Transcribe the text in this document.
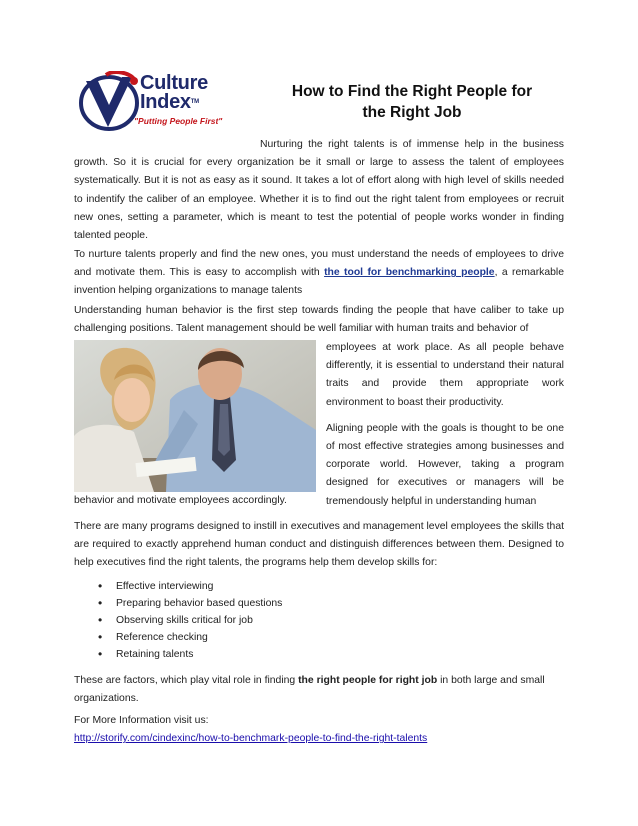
Culture
Index™
"Putting People First"
How to Find the Right People for
the Right Job

Nurturing the right talents is of immense help in the business growth. So it is crucial for every organization be it small or large to assess the talent of employees systematically. But it is not as easy as it sound. It takes a lot of effort along with high level of skills needed to indentify the caliber of an employee. Whether it is to find out the right talent from employees or recruit new ones, setting a parameter, which is meant to test the potential of people works wonder in finding talented people.

To nurture talents properly and find the new ones, you must understand the needs of employees to drive and motivate them. This is easy to accomplish with the tool for benchmarking people, a remarkable invention helping organizations to manage talents

Understanding human behavior is the first step towards finding the people that have caliber to take up challenging positions. Talent management should be well familiar with human traits and behavior of

employees at work place. As all people behave differently, it is essential to understand their natural traits and provide them appropriate work environment to boast their productivity.

Aligning people with the goals is thought to be one of most effective strategies among businesses and corporate world. However, taking a program designed for executives or managers will be tremendously helpful in understanding human

behavior and motivate employees accordingly.

There are many programs designed to instill in executives and management level employees the skills that are required to exactly apprehend human conduct and distinguish differences between them. Designed to help executives find the right talents, the programs help them develop skills for:

• Effective interviewing
• Preparing behavior based questions
• Observing skills critical for job
• Reference checking
• Retaining talents

These are factors, which play vital role in finding the right people for right job in both large and small organizations.

For More Information visit us:

http://storify.com/cindexinc/how-to-benchmark-people-to-find-the-right-talents
